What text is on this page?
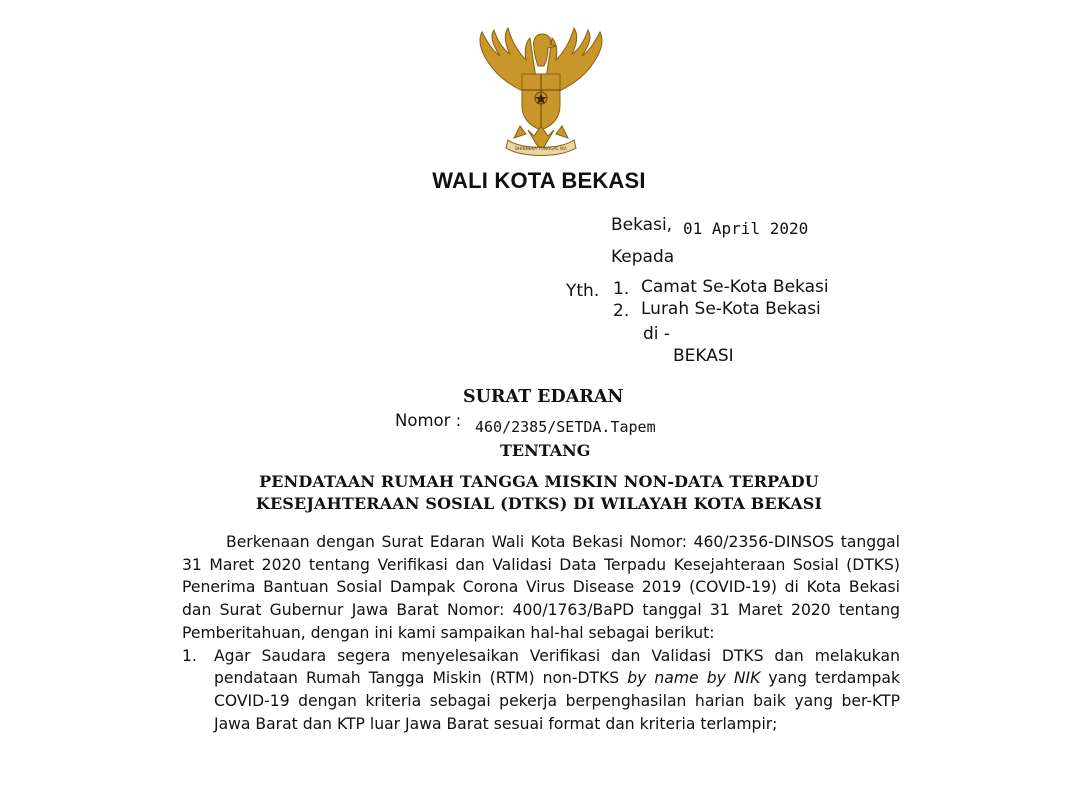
BHINNEKA TUNGGAL IKA
WALI KOTA BEKASI
Bekasi, 01 April 2020
Kepada
Yth. 1. Camat Se-Kota Bekasi
2. Lurah Se-Kota Bekasi
di -
BEKASI
SURAT EDARAN
Nomor : 460/2385/SETDA.Tapem
TENTANG
PENDATAAN RUMAH TANGGA MISKIN NON-DATA TERPADU
KESEJAHTERAAN SOSIAL (DTKS) DI WILAYAH KOTA BEKASI

Berkenaan dengan Surat Edaran Wali Kota Bekasi Nomor: 460/2356-DINSOS tanggal 31 Maret 2020 tentang Verifikasi dan Validasi Data Terpadu Kesejahteraan Sosial (DTKS) Penerima Bantuan Sosial Dampak Corona Virus Disease 2019 (COVID-19) di Kota Bekasi dan Surat Gubernur Jawa Barat Nomor: 400/1763/BaPD tanggal 31 Maret 2020 tentang Pemberitahuan, dengan ini kami sampaikan hal-hal sebagai berikut:

1. Agar Saudara segera menyelesaikan Verifikasi dan Validasi DTKS dan melakukan pendataan Rumah Tangga Miskin (RTM) non-DTKS by name by NIK yang terdampak COVID-19 dengan kriteria sebagai pekerja berpenghasilan harian baik yang ber-KTP Jawa Barat dan KTP luar Jawa Barat sesuai format dan kriteria terlampir;
